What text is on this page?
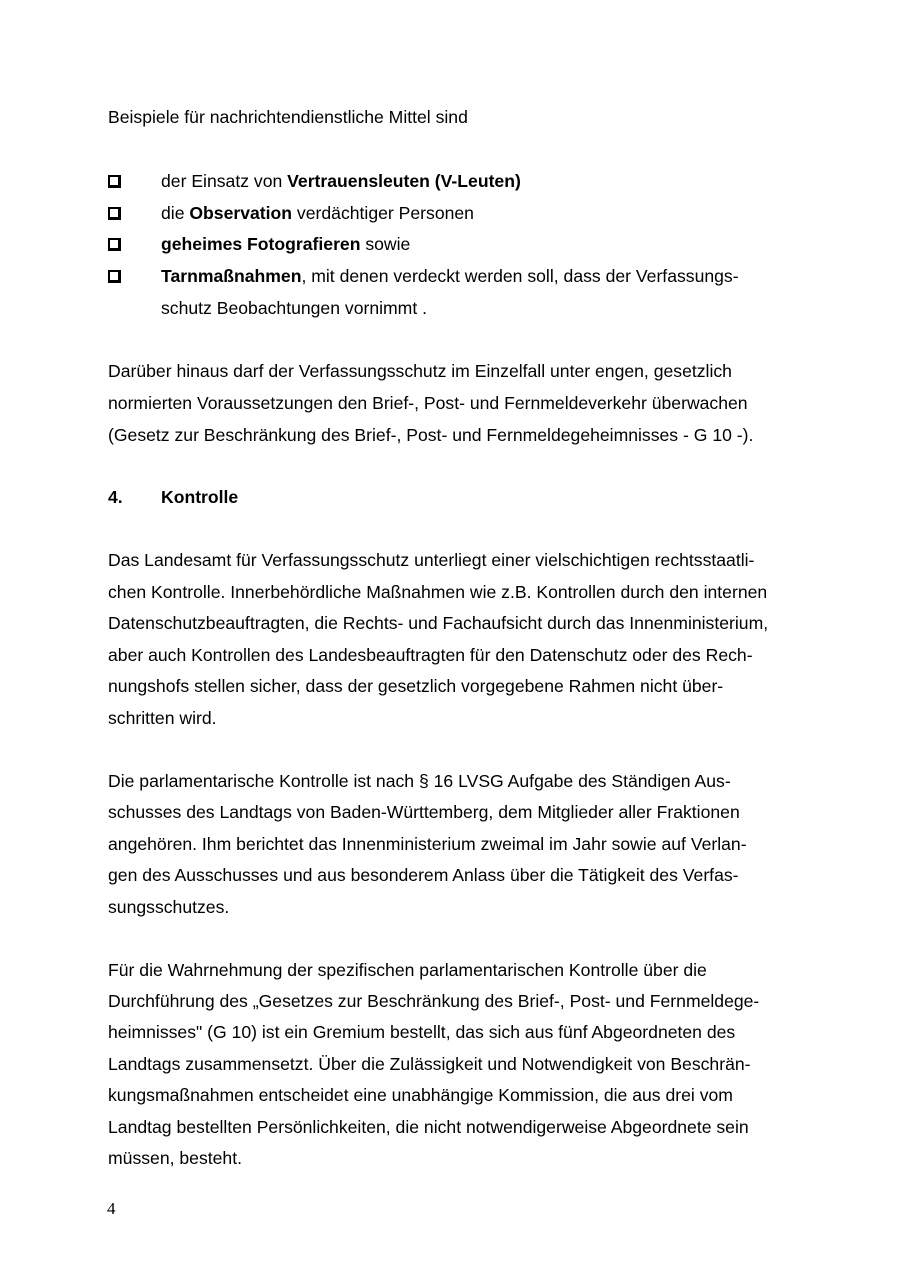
Beispiele für nachrichtendienstliche Mittel sind

der Einsatz von Vertrauensleuten (V-Leuten)

die Observation verdächtiger Personen

geheimes Fotografieren sowie

Tarnmaßnahmen, mit denen verdeckt werden soll, dass der Verfassungs-

schutz Beobachtungen vornimmt .

Darüber hinaus darf der Verfassungsschutz im Einzelfall unter engen, gesetzlich

normierten Voraussetzungen den Brief-, Post- und Fernmeldeverkehr überwachen

(Gesetz zur Beschränkung des Brief-, Post- und Fernmeldegeheimnisses - G 10 -).

4. Kontrolle

Das Landesamt für Verfassungsschutz unterliegt einer vielschichtigen rechtsstaatli-

chen Kontrolle. Innerbehördliche Maßnahmen wie z.B. Kontrollen durch den internen

Datenschutzbeauftragten, die Rechts- und Fachaufsicht durch das Innenministerium,

aber auch Kontrollen des Landesbeauftragten für den Datenschutz oder des Rech-

nungshofs stellen sicher, dass der gesetzlich vorgegebene Rahmen nicht über-

schritten wird.

Die parlamentarische Kontrolle ist nach § 16 LVSG Aufgabe des Ständigen Aus-

schusses des Landtags von Baden-Württemberg, dem Mitglieder aller Fraktionen

angehören. Ihm berichtet das Innenministerium zweimal im Jahr sowie auf Verlan-

gen des Ausschusses und aus besonderem Anlass über die Tätigkeit des Verfas-

sungsschutzes.

Für die Wahrnehmung der spezifischen parlamentarischen Kontrolle über die

Durchführung des „Gesetzes zur Beschränkung des Brief-, Post- und Fernmeldege-

heimnisses" (G 10) ist ein Gremium bestellt, das sich aus fünf Abgeordneten des

Landtags zusammensetzt. Über die Zulässigkeit und Notwendigkeit von Beschrän-

kungsmaßnahmen entscheidet eine unabhängige Kommission, die aus drei vom

Landtag bestellten Persönlichkeiten, die nicht notwendigerweise Abgeordnete sein

müssen, besteht.

4
